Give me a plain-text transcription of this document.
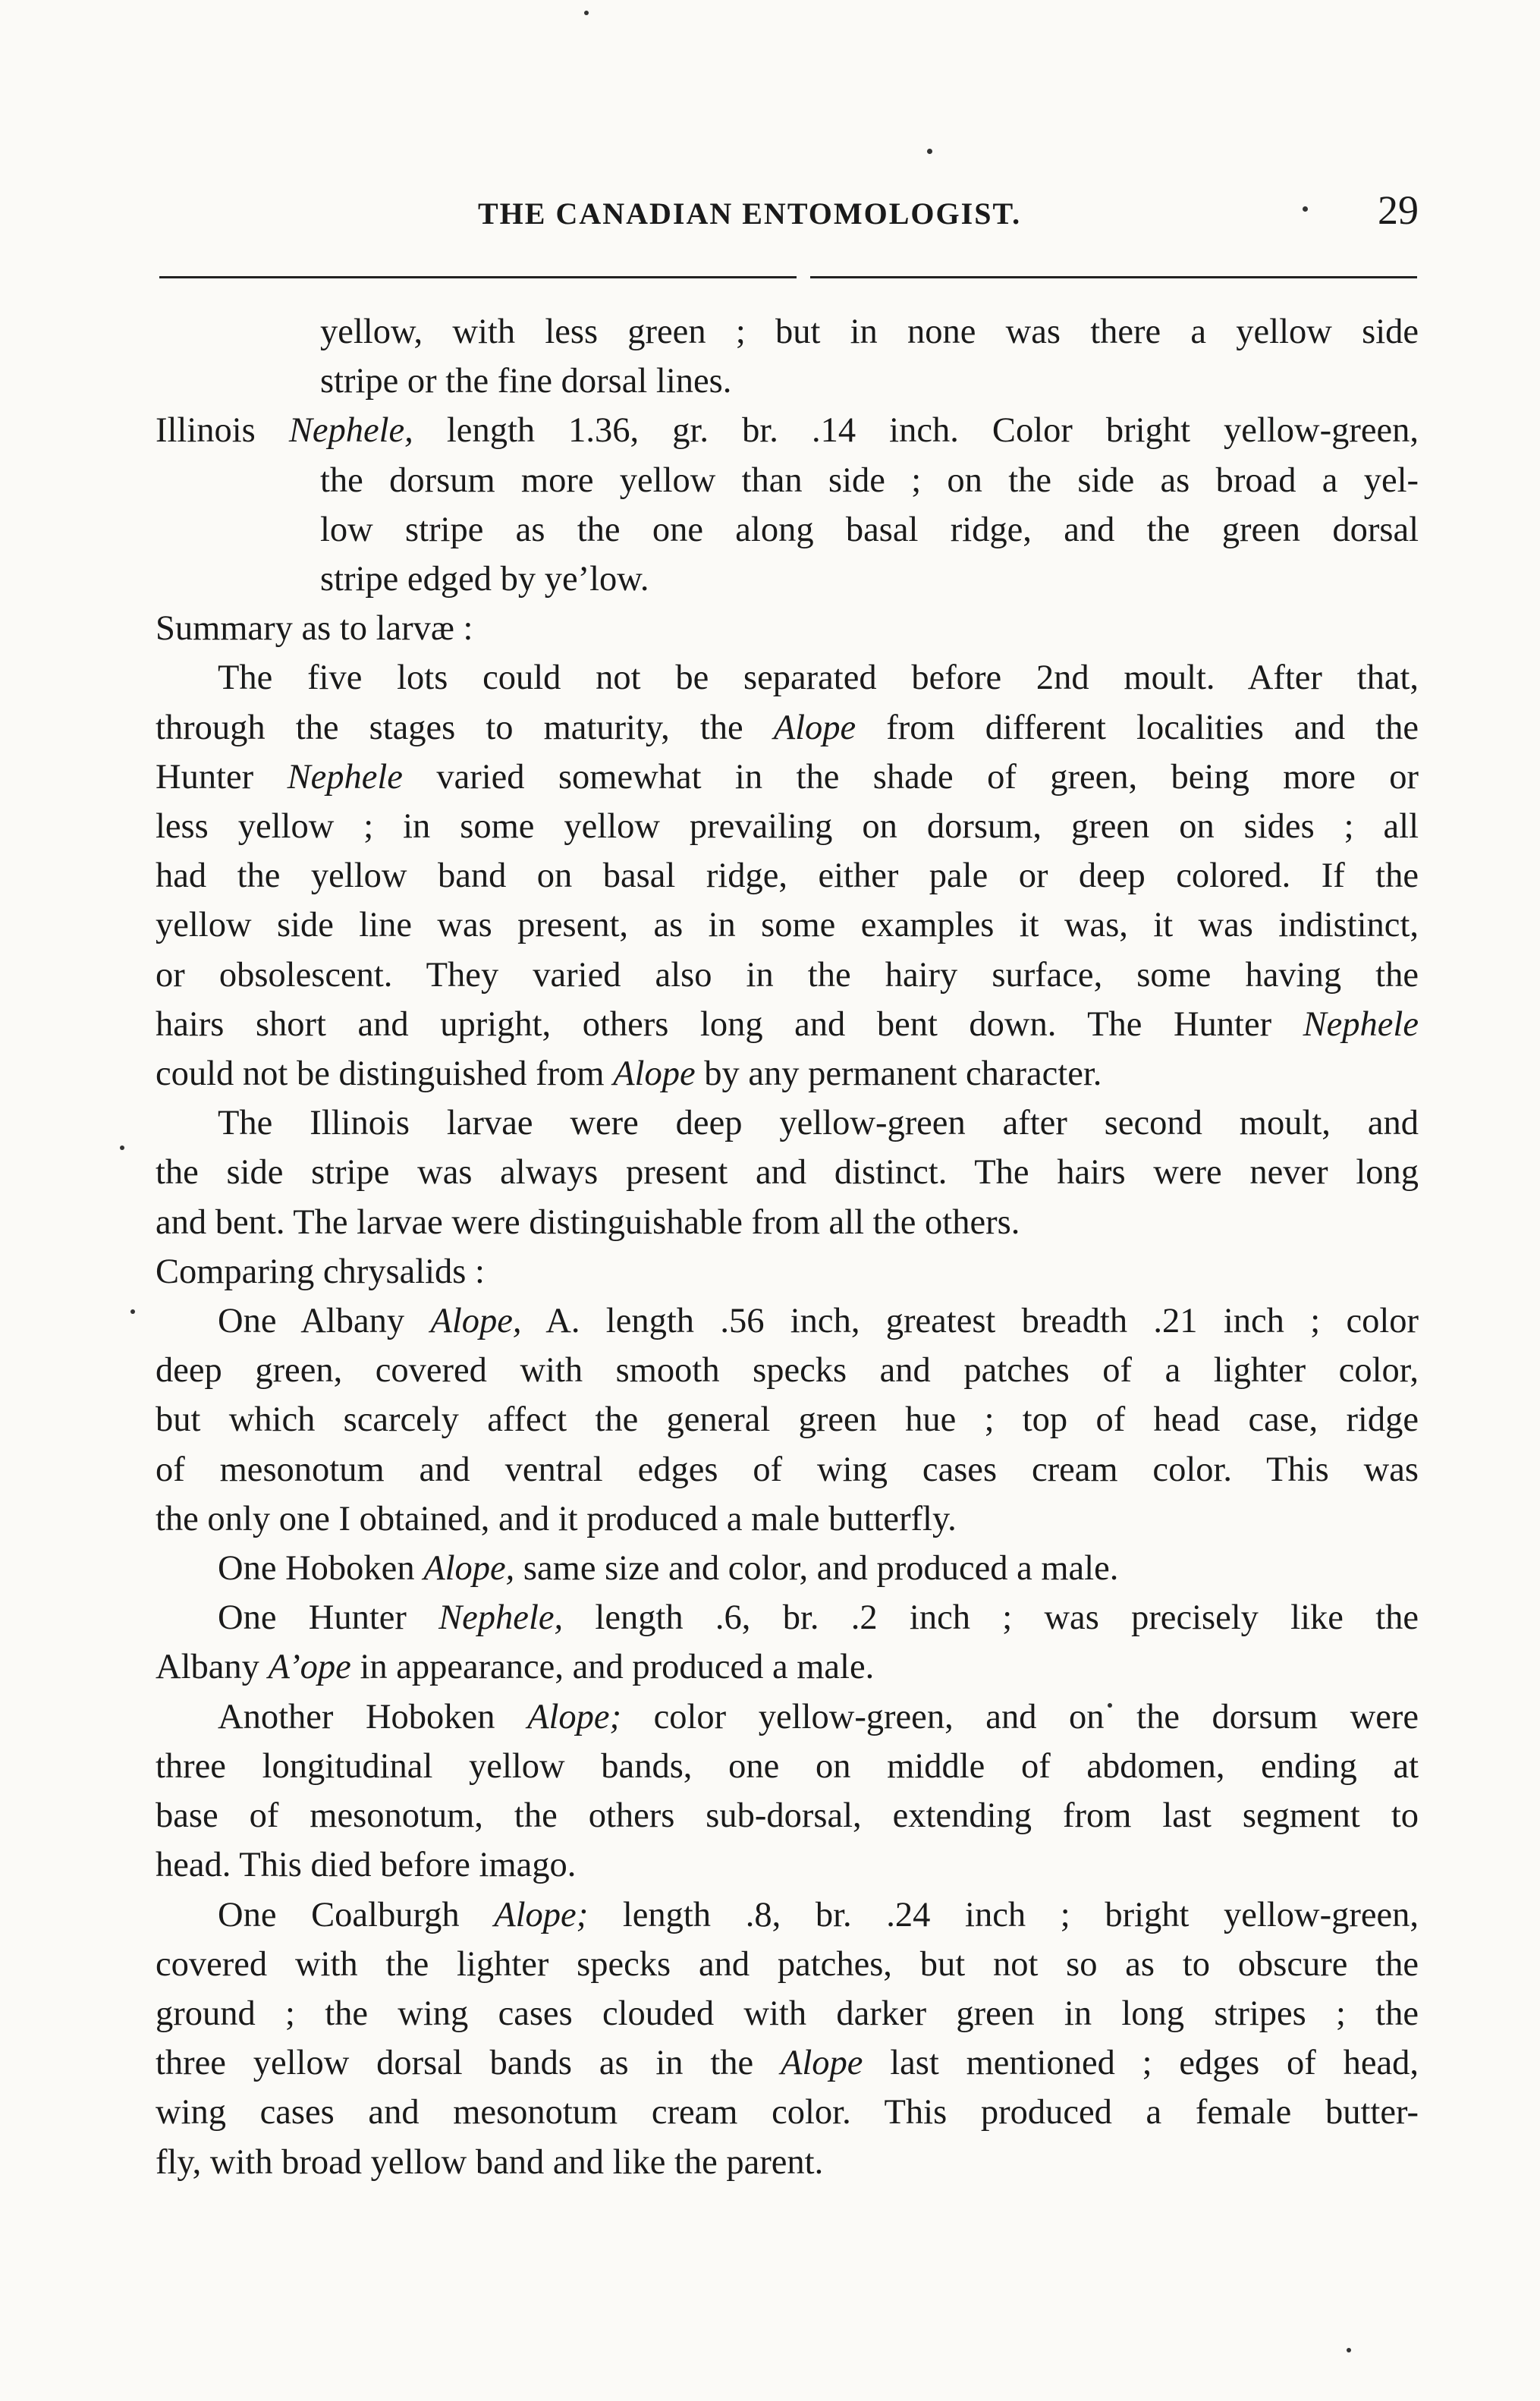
THE CANADIAN ENTOMOLOGIST.	29
yellow, with less green ; but in none was there a yellow side
stripe or the fine dorsal lines.
Illinois Nephele, length 1.36, gr. br. .14 inch. Color bright yellow-green,
the dorsum more yellow than side ; on the side as broad a yel-
low stripe as the one along basal ridge, and the green dorsal
stripe edged by ye’low.
Summary as to larvæ :
The five lots could not be separated before 2nd moult. After that,
through the stages to maturity, the Alope from different localities and the
Hunter Nephele varied somewhat in the shade of green, being more or
less yellow ; in some yellow prevailing on dorsum, green on sides ; all
had the yellow band on basal ridge, either pale or deep colored. If the
yellow side line was present, as in some examples it was, it was indistinct,
or obsolescent. They varied also in the hairy surface, some having the
hairs short and upright, others long and bent down. The Hunter Nephele
could not be distinguished from Alope by any permanent character.
The Illinois larvae were deep yellow-green after second moult, and
the side stripe was always present and distinct. The hairs were never long
and bent. The larvae were distinguishable from all the others.
Comparing chrysalids :
One Albany Alope, A. length .56 inch, greatest breadth .21 inch ; color
deep green, covered with smooth specks and patches of a lighter color,
but which scarcely affect the general green hue ; top of head case, ridge
of mesonotum and ventral edges of wing cases cream color. This was
the only one I obtained, and it produced a male butterfly.
One Hoboken Alope, same size and color, and produced a male.
One Hunter Nephele, length .6, br. .2 inch ; was precisely like the
Albany A’ope in appearance, and produced a male.
Another Hoboken Alope; color yellow-green, and on the dorsum were
three longitudinal yellow bands, one on middle of abdomen, ending at
base of mesonotum, the others sub-dorsal, extending from last segment to
head. This died before imago.
One Coalburgh Alope; length .8, br. .24 inch ; bright yellow-green,
covered with the lighter specks and patches, but not so as to obscure the
ground ; the wing cases clouded with darker green in long stripes ; the
three yellow dorsal bands as in the Alope last mentioned ; edges of head,
wing cases and mesonotum cream color. This produced a female butter-
fly, with broad yellow band and like the parent.
